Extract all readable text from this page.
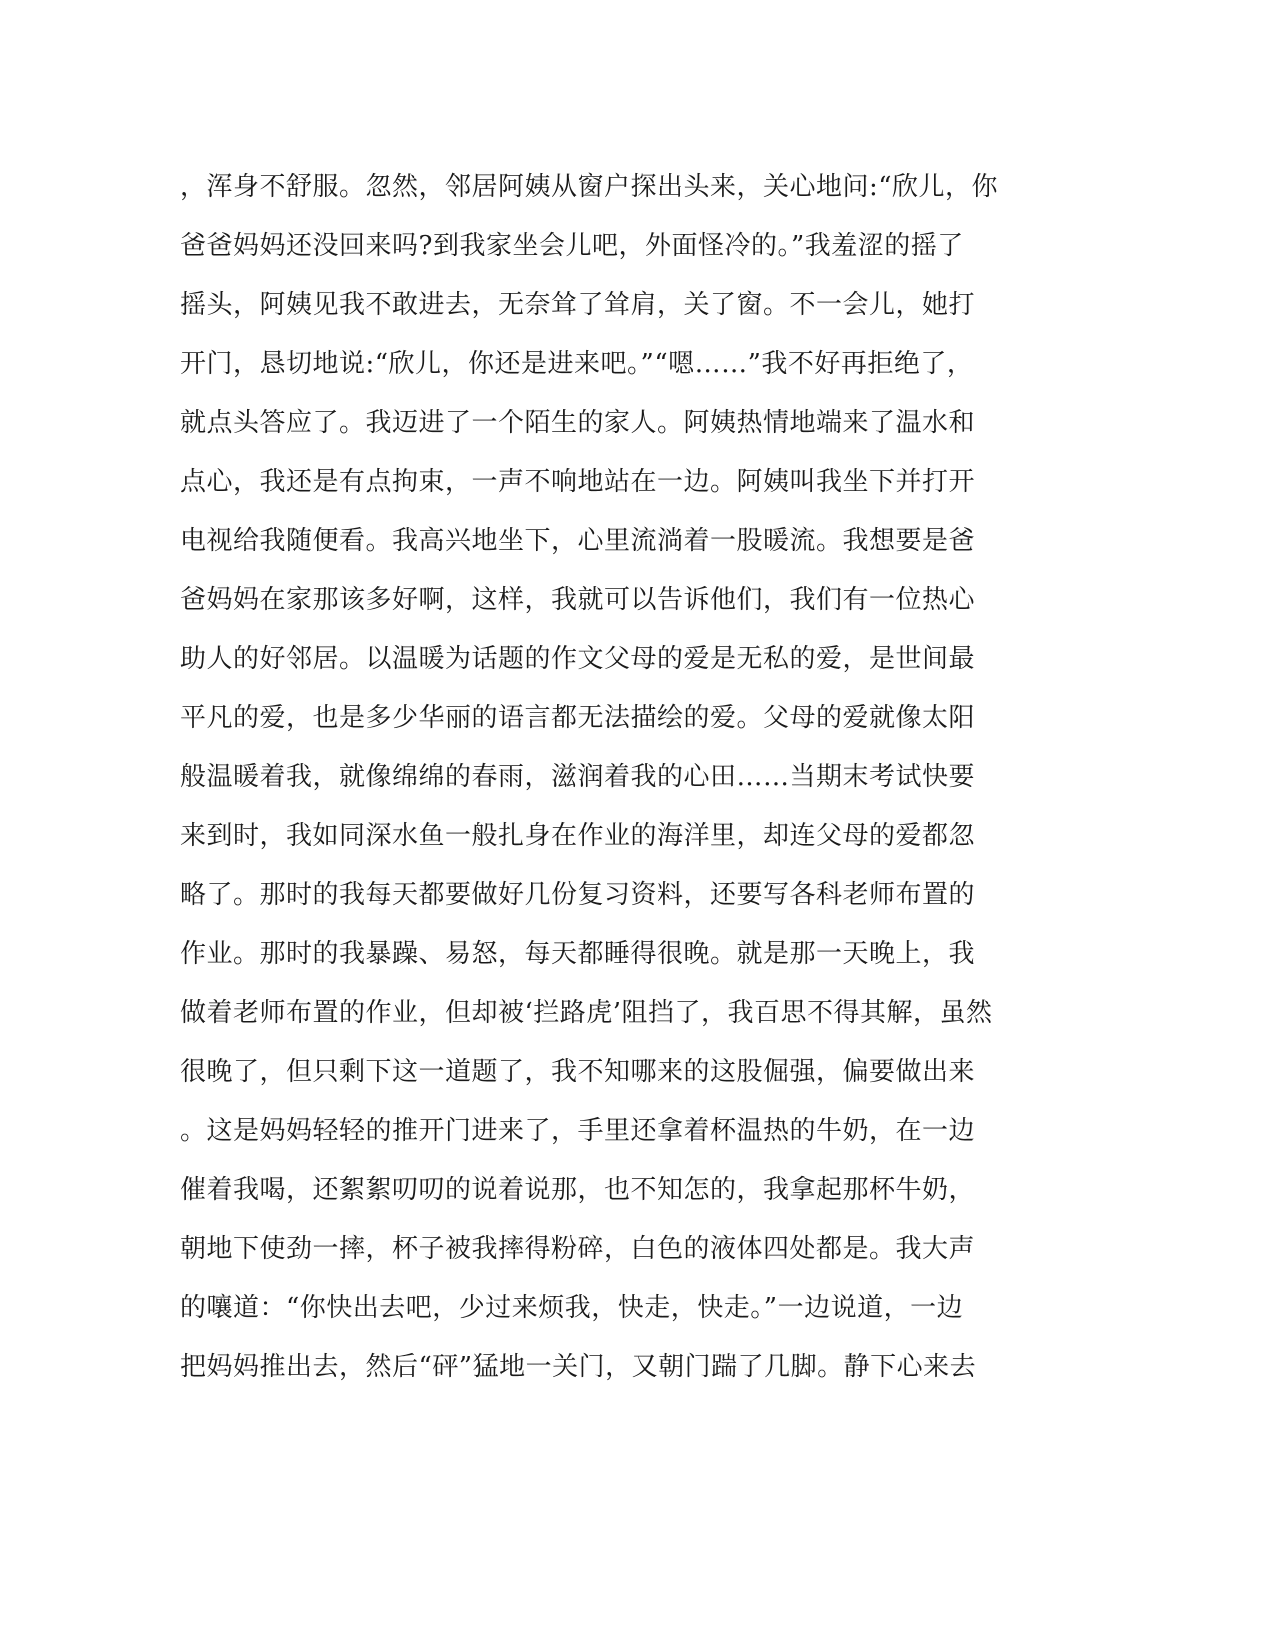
，浑身不舒服。忽然，邻居阿姨从窗户探出头来，关心地问:“欣儿，你
爸爸妈妈还没回来吗?到我家坐会儿吧，外面怪冷的。”我羞涩的摇了
摇头，阿姨见我不敢进去，无奈耸了耸肩，关了窗。不一会儿，她打
开门，恳切地说:“欣儿，你还是进来吧。”“嗯……”我不好再拒绝了，
就点头答应了。我迈进了一个陌生的家人。阿姨热情地端来了温水和
点心，我还是有点拘束，一声不响地站在一边。阿姨叫我坐下并打开
电视给我随便看。我高兴地坐下，心里流淌着一股暖流。我想要是爸
爸妈妈在家那该多好啊，这样，我就可以告诉他们，我们有一位热心
助人的好邻居。以温暖为话题的作文父母的爱是无私的爱，是世间最
平凡的爱，也是多少华丽的语言都无法描绘的爱。父母的爱就像太阳
般温暖着我，就像绵绵的春雨，滋润着我的心田……当期末考试快要
来到时，我如同深水鱼一般扎身在作业的海洋里，却连父母的爱都忽
略了。那时的我每天都要做好几份复习资料，还要写各科老师布置的
作业。那时的我暴躁、易怒，每天都睡得很晚。就是那一天晚上，我
做着老师布置的作业，但却被‘拦路虎’阻挡了，我百思不得其解，虽然
很晚了，但只剩下这一道题了，我不知哪来的这股倔强，偏要做出来
。这是妈妈轻轻的推开门进来了，手里还拿着杯温热的牛奶，在一边
催着我喝，还絮絮叨叨的说着说那，也不知怎的，我拿起那杯牛奶，
朝地下使劲一摔，杯子被我摔得粉碎，白色的液体四处都是。我大声
的嚷道：“你快出去吧，少过来烦我，快走，快走。”一边说道，一边
把妈妈推出去，然后“砰”猛地一关门，又朝门踹了几脚。静下心来去
